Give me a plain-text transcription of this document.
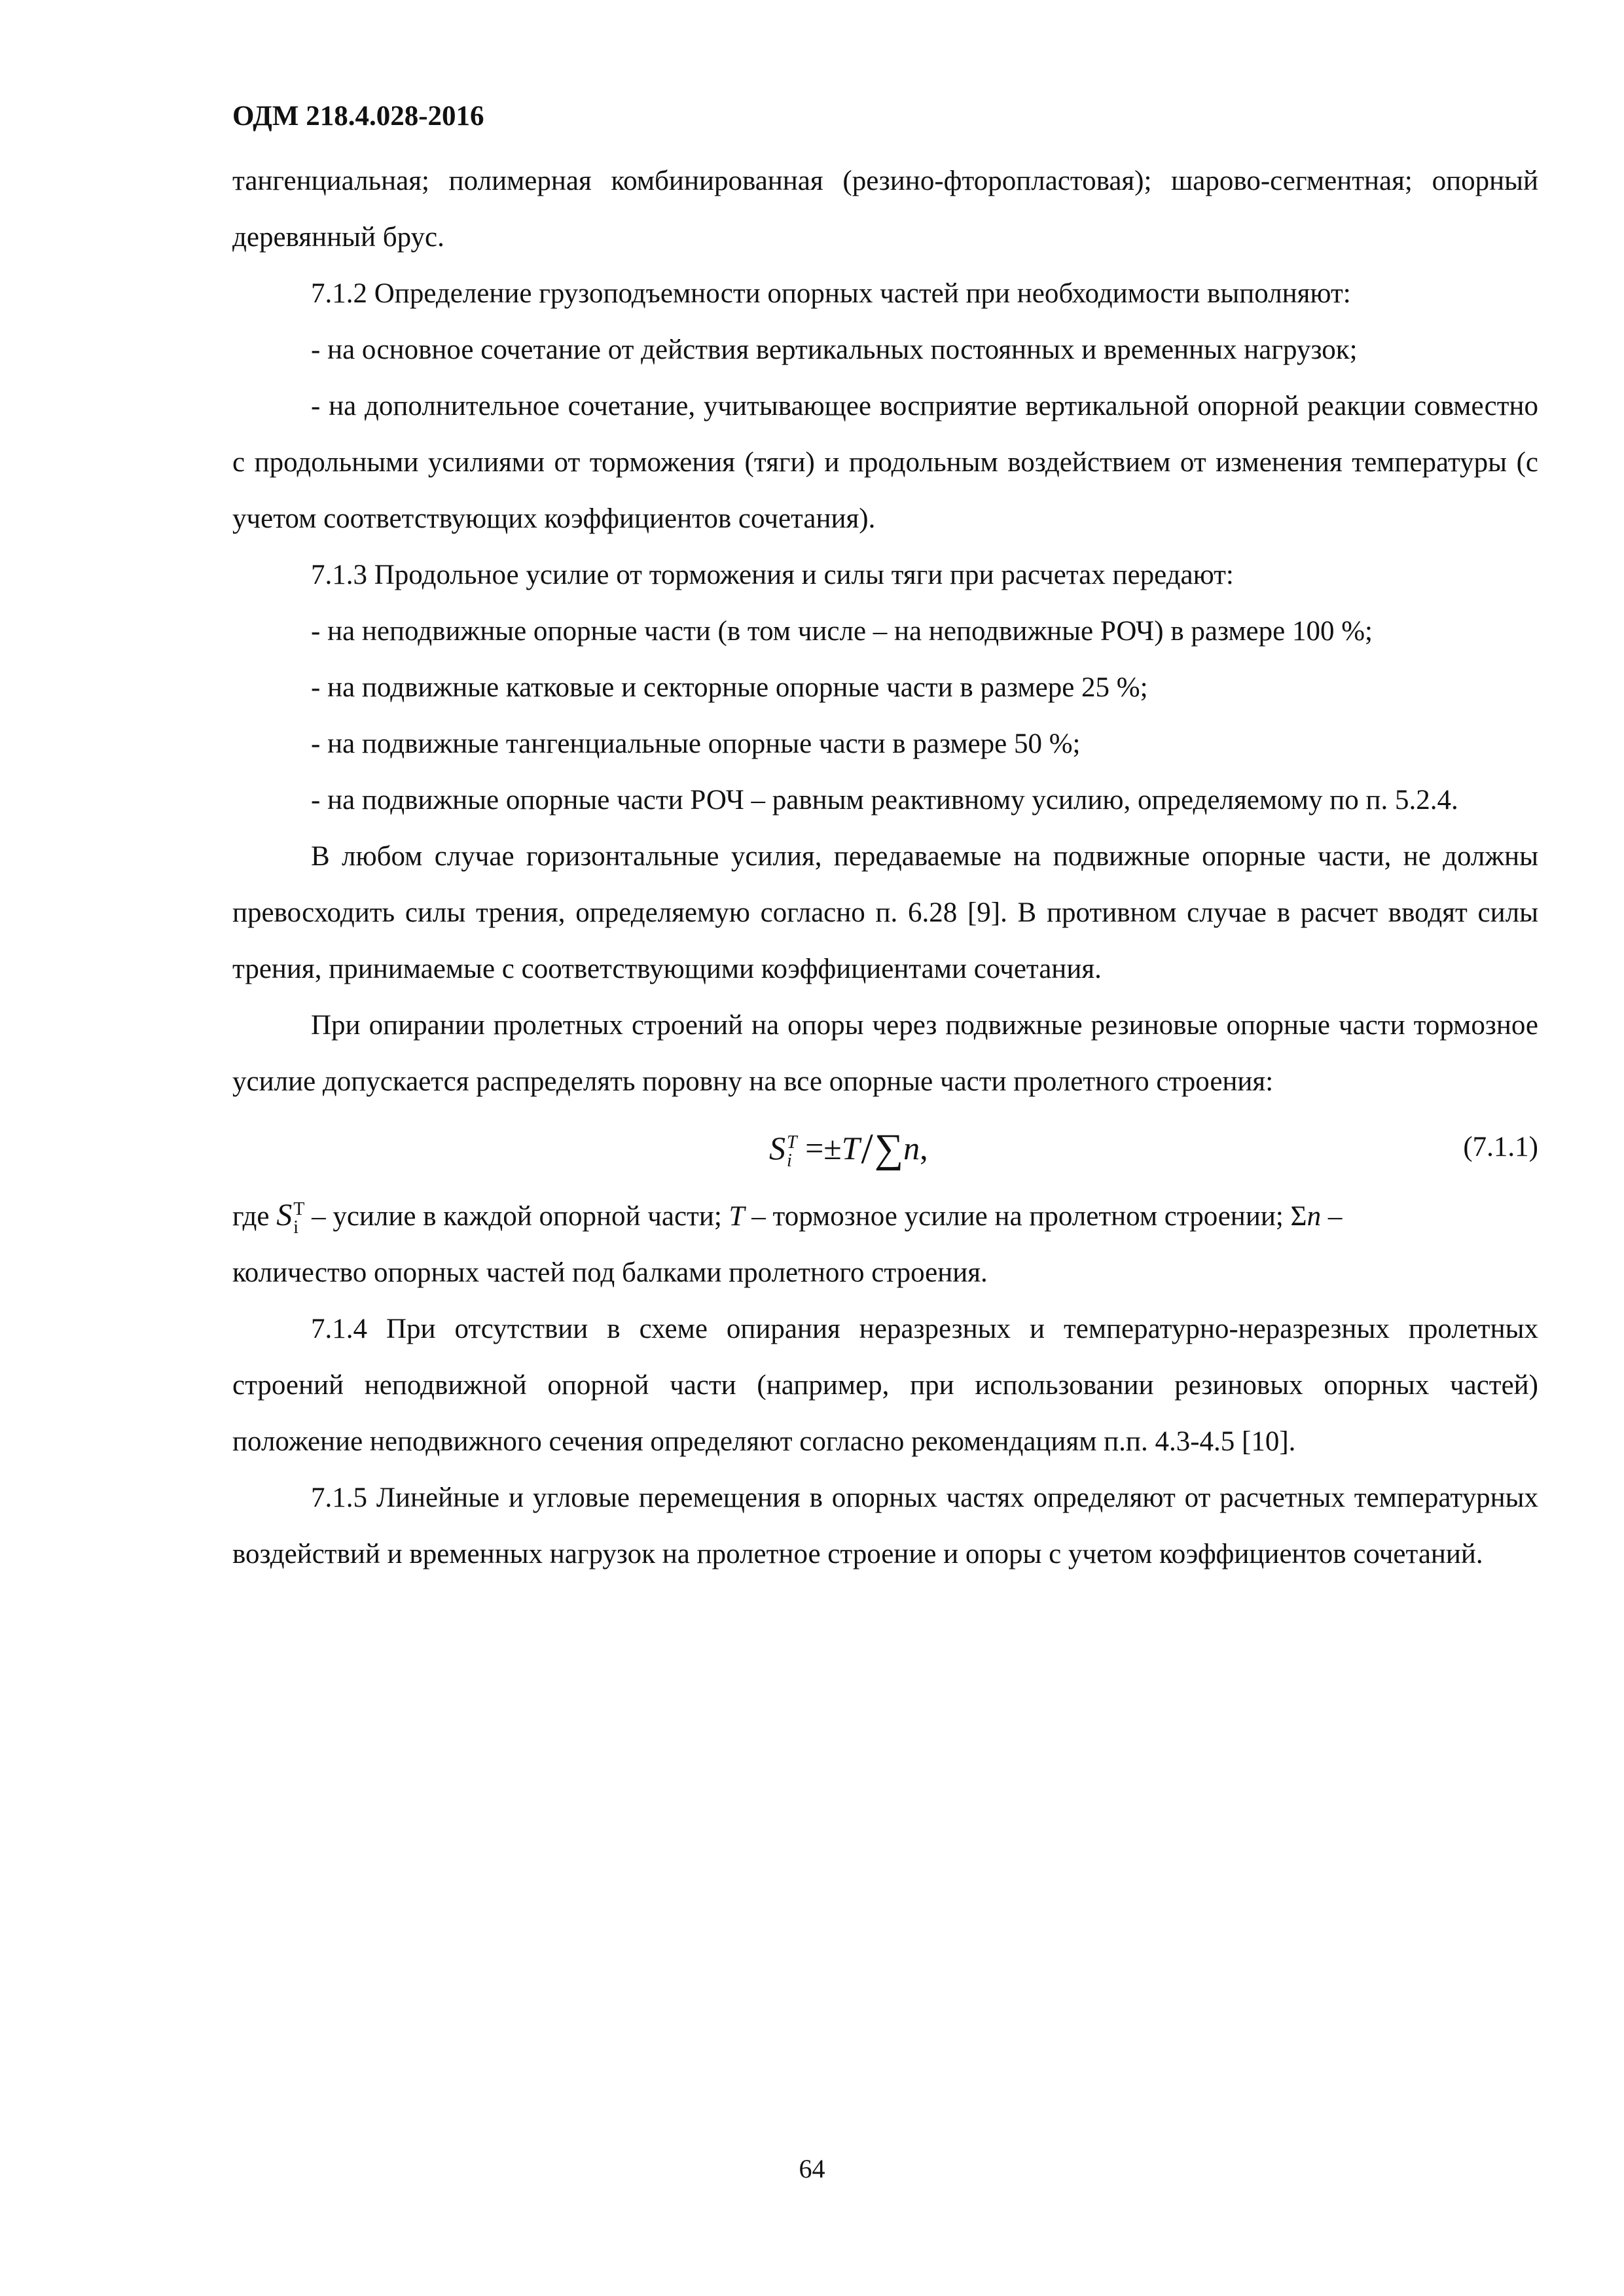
ОДМ 218.4.028-2016

тангенциальная; полимерная комбинированная (резино-фторопластовая); шарово-сегментная; опорный деревянный брус.

7.1.2 Определение грузоподъемности опорных частей при необходимости выполняют:

- на основное сочетание от действия вертикальных постоянных и временных нагрузок;

- на дополнительное сочетание, учитывающее восприятие вертикальной опорной реакции совместно с продольными усилиями от торможения (тяги) и продольным воздействием от изменения температуры (с учетом соответствующих коэффициентов сочетания).

7.1.3 Продольное усилие от торможения и силы тяги при расчетах передают:

- на неподвижные опорные части (в том числе – на неподвижные РОЧ) в размере 100 %;

- на подвижные катковые и секторные опорные части в размере 25 %;

- на подвижные тангенциальные опорные части в размере 50 %;

- на подвижные опорные части РОЧ – равным реактивному усилию, определяемому по п. 5.2.4.

В любом случае горизонтальные усилия, передаваемые на подвижные опорные части, не должны превосходить силы трения, определяемую согласно п. 6.28 [9]. В противном случае в расчет вводят силы трения, принимаемые с соответствующими коэффициентами сочетания.

При опирании пролетных строений на опоры через подвижные резиновые опорные части тормозное усилие допускается распределять поровну на все опорные части пролетного строения:

S T
i =±T/∑n,	(7.1.1)

где S T
i – усилие в каждой опорной части; T – тормозное усилие на пролетном строении; Σn –

количество опорных частей под балками пролетного строения.

7.1.4 При отсутствии в схеме опирания неразрезных и температурно-неразрезных пролетных строений неподвижной опорной части (например, при использовании резиновых опорных частей) положение неподвижного сечения определяют согласно рекомендациям п.п. 4.3-4.5 [10].

7.1.5 Линейные и угловые перемещения в опорных частях определяют от расчетных температурных воздействий и временных нагрузок на пролетное строение и опоры с учетом коэффициентов сочетаний.

64
